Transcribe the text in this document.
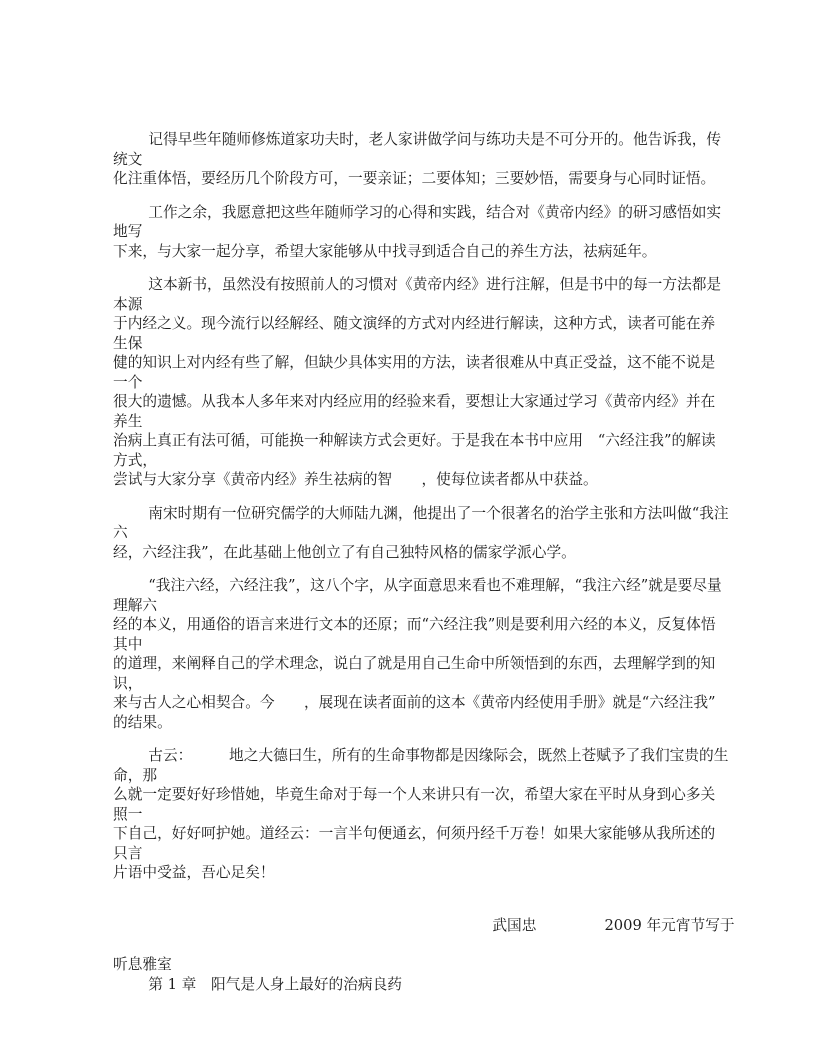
记得早些年随师修炼道家功夫时，老人家讲做学问与练功夫是不可分开的。他告诉我，传
统文
化注重体悟，要经历几个阶段方可，一要亲证；二要体知；三要妙悟，需要身与心同时证悟。
工作之余，我愿意把这些年随师学习的心得和实践，结合对《黄帝内经》的研习感悟如实
地写
下来，与大家一起分享，希望大家能够从中找寻到适合自己的养生方法，祛病延年。
这本新书，虽然没有按照前人的习惯对《黄帝内经》进行注解，但是书中的每一方法都是
本源
于内经之义。现今流行以经解经、随文演绎的方式对内经进行解读，这种方式，读者可能在养
生保
健的知识上对内经有些了解，但缺少具体实用的方法，读者很难从中真正受益，这不能不说是
一个
很大的遗憾。从我本人多年来对内经应用的经验来看，要想让大家通过学习《黄帝内经》并在
养生
治病上真正有法可循，可能换一种解读方式会更好。于是我在本书中应用　“六经注我”的解读
方式，
尝试与大家分享《黄帝内经》养生祛病的智　　，使每位读者都从中获益。
南宋时期有一位研究儒学的大师陆九渊，他提出了一个很著名的治学主张和方法叫做“我注
六
经，六经注我”，在此基础上他创立了有自己独特风格的儒家学派心学。
“我注六经，六经注我”，这八个字，从字面意思来看也不难理解，“我注六经”就是要尽量
理解六
经的本义，用通俗的语言来进行文本的还原；而“六经注我”则是要利用六经的本义，反复体悟
其中
的道理，来阐释自己的学术理念，说白了就是用自己生命中所领悟到的东西，去理解学到的知
识，
来与古人之心相契合。今　　，展现在读者面前的这本《黄帝内经使用手册》就是“六经注我”
的结果。
古云：　　　地之大德曰生，所有的生命事物都是因缘际会，既然上苍赋予了我们宝贵的生
命，那
么就一定要好好珍惜她，毕竟生命对于每一个人来讲只有一次，希望大家在平时从身到心多关
照一
下自己，好好呵护她。道经云：一言半句便通玄，何须丹经千万卷！如果大家能够从我所述的
只言
片语中受益，吾心足矣！

武国忠	2009 年元宵节写于

听息雅室
第 1 章　阳气是人身上最好的治病良药
